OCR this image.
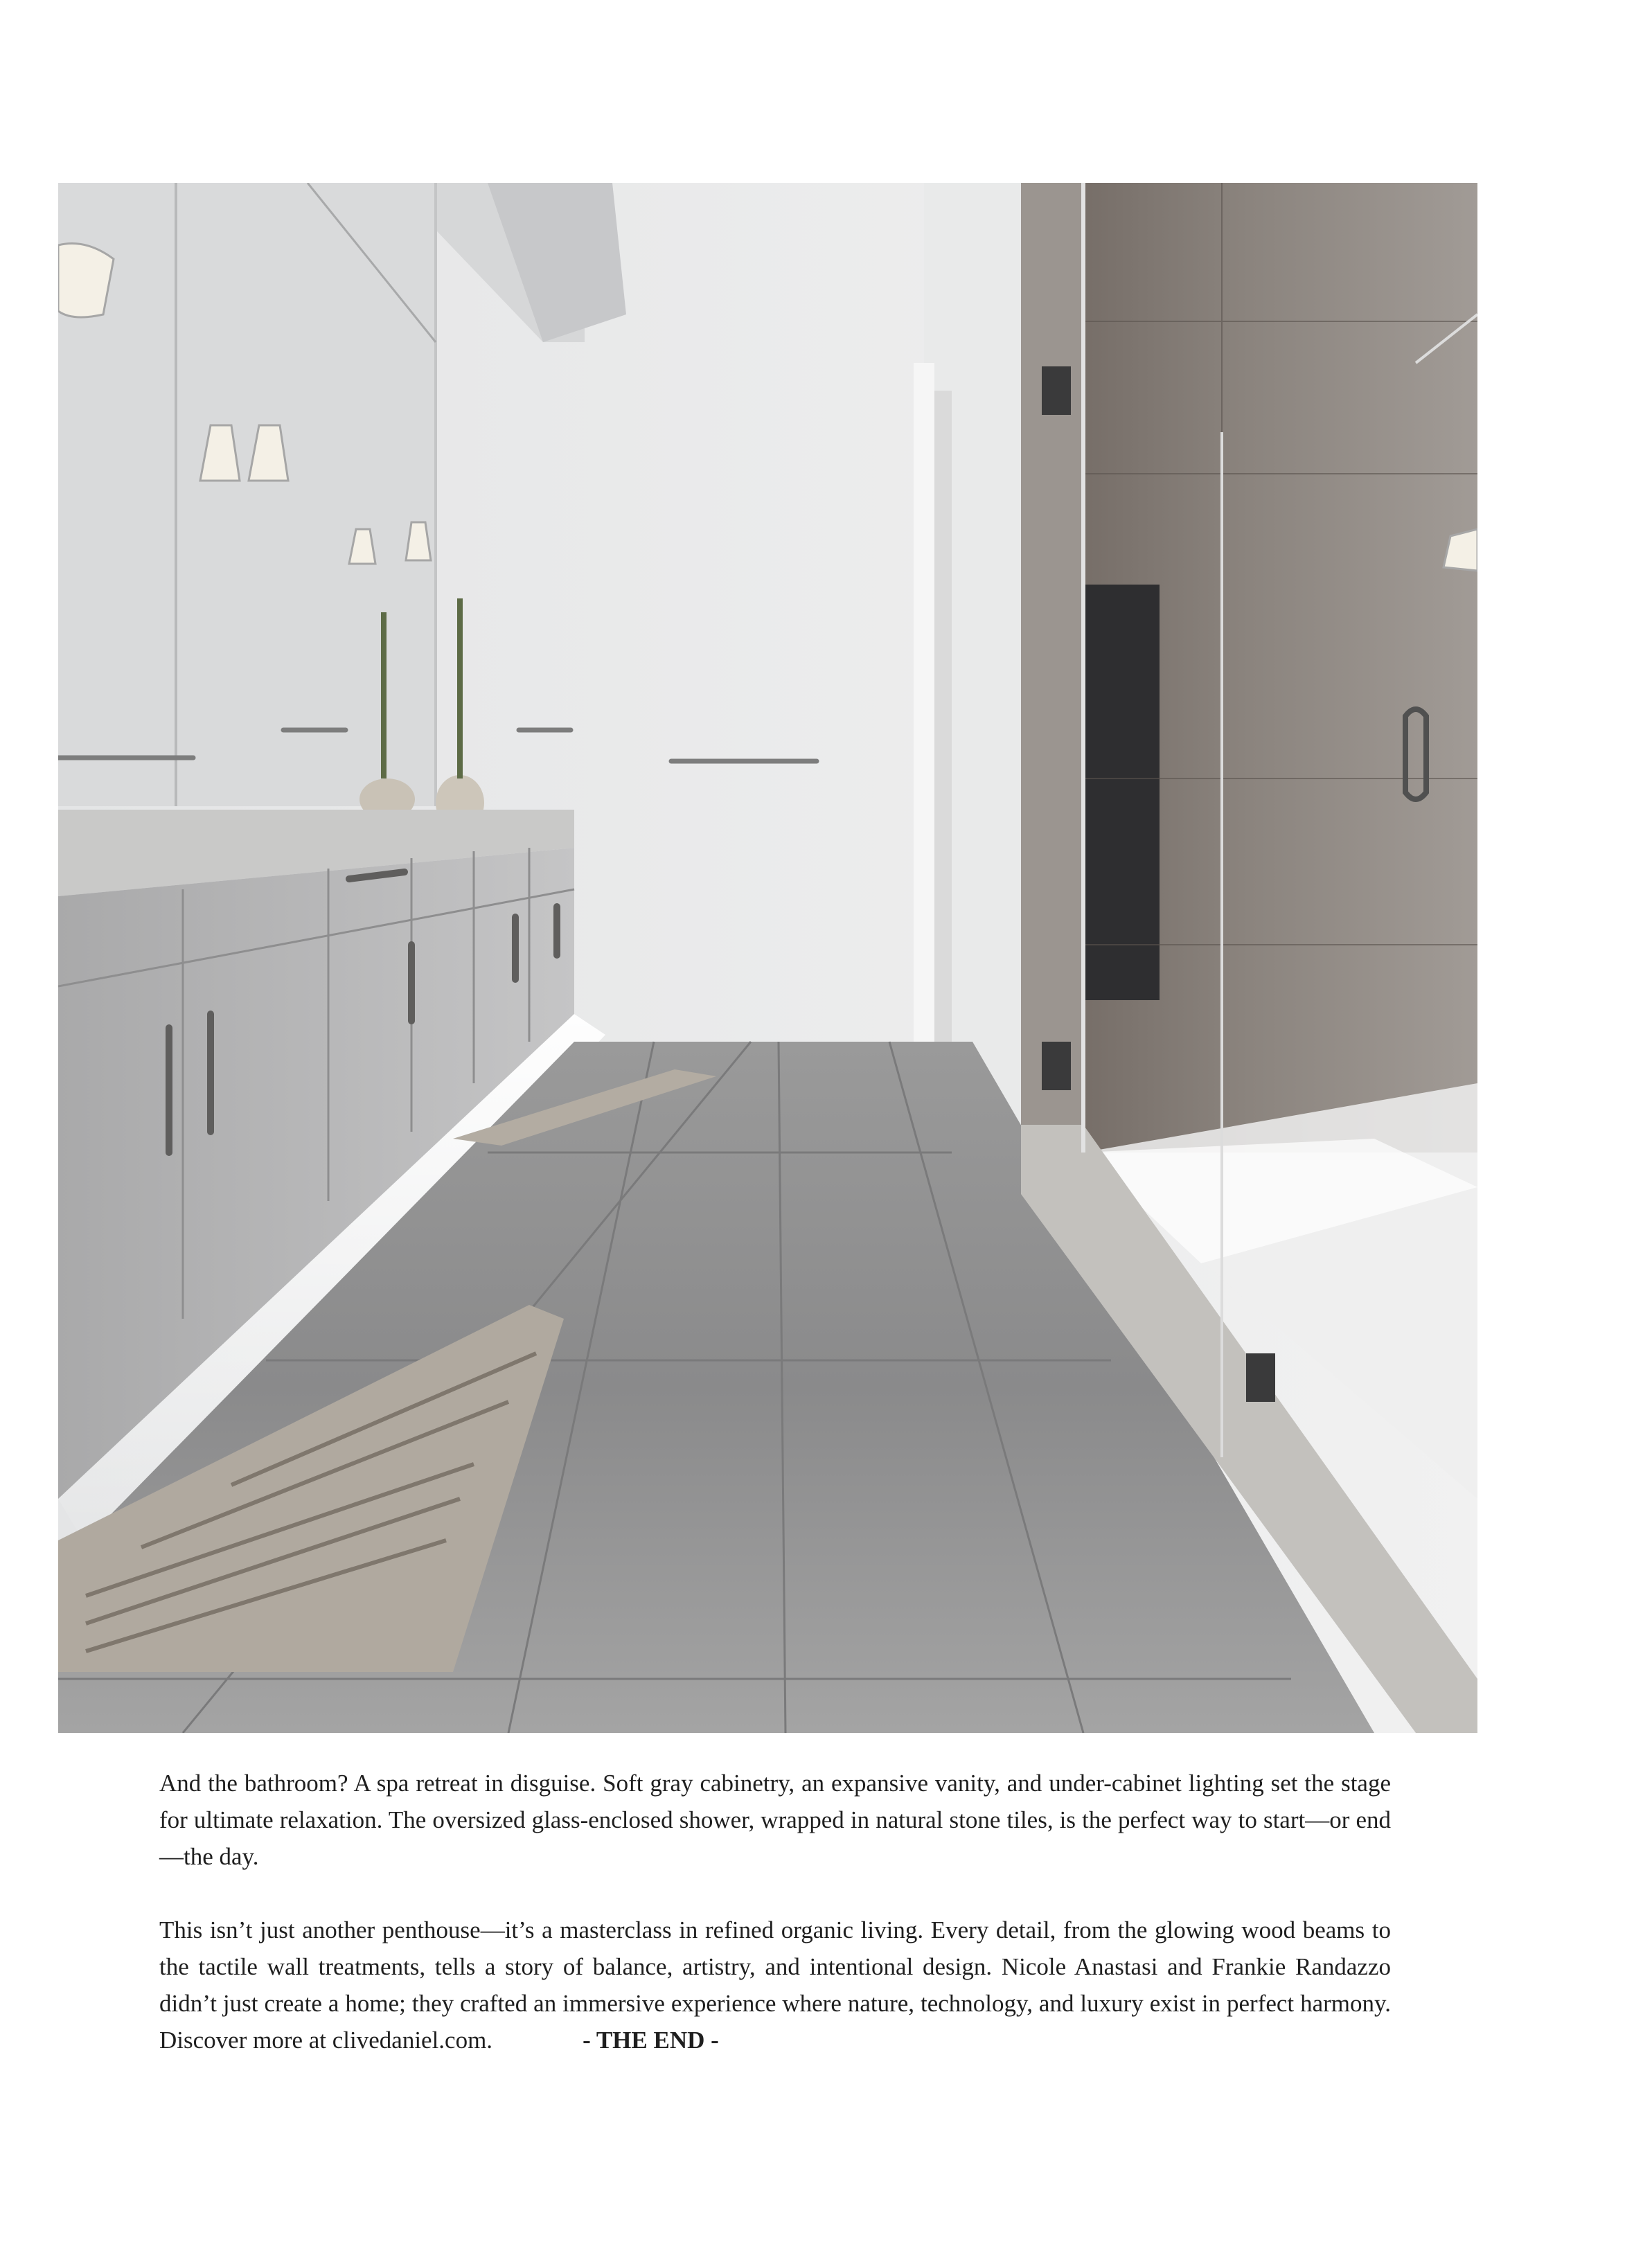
And the bathroom? A spa retreat in disguise. Soft gray cabinetry, an expansive vanity, and under-cabinet lighting set the stage for ultimate relaxation. The oversized glass-enclosed shower, wrapped in natural stone tiles, is the perfect way to start—or end—the day.

This isn’t just another penthouse—it’s a masterclass in refined organic living. Every detail, from the glowing wood beams to the tactile wall treatments, tells a story of balance, artistry, and intentional design. Nicole Anastasi and Frankie Randazzo didn’t just create a home; they crafted an immersive experience where nature, technology, and luxury exist in perfect harmony. Discover more at clivedaniel.com.	- THE END -
